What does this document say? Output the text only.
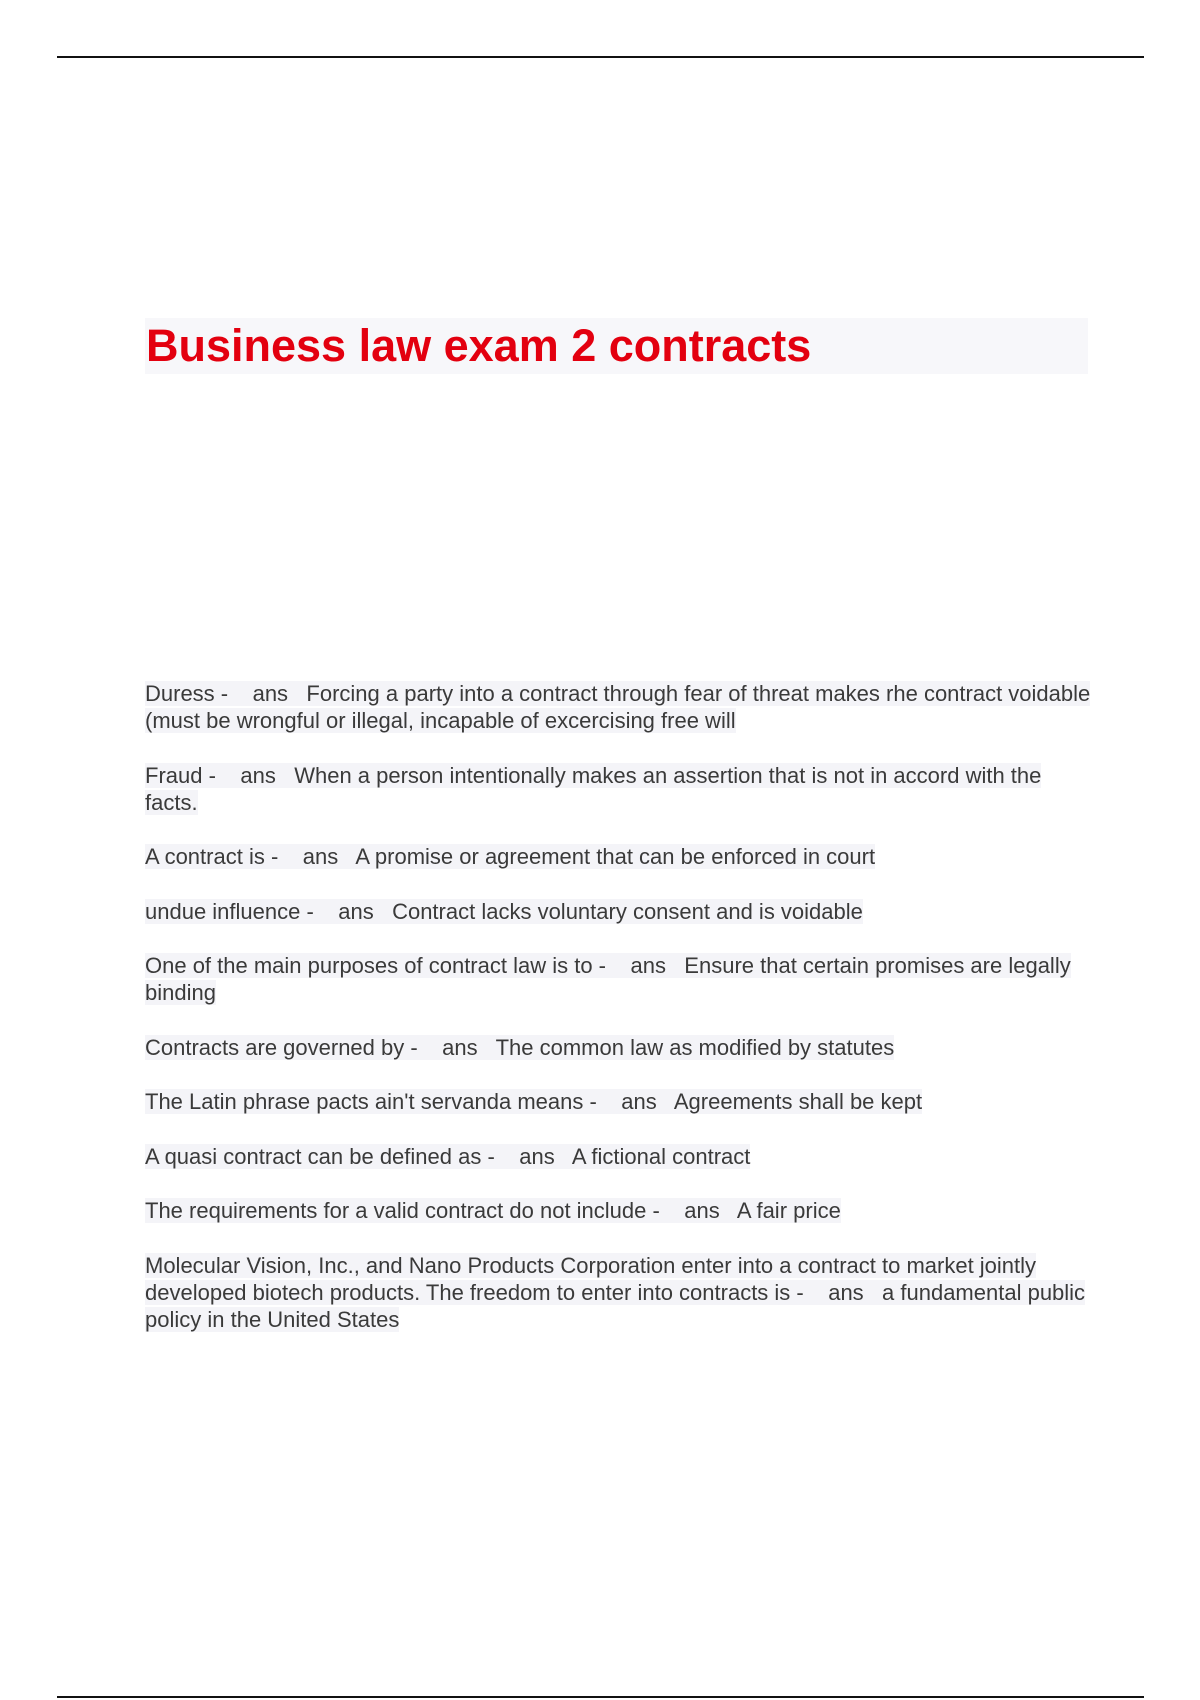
Business law exam 2 contracts
Duress - ans Forcing a party into a contract through fear of threat makes rhe contract voidable (must be wrongful or illegal, incapable of excercising free will
Fraud - ans When a person intentionally makes an assertion that is not in accord with the facts.
A contract is - ans A promise or agreement that can be enforced in court
undue influence - ans Contract lacks voluntary consent and is voidable
One of the main purposes of contract law is to - ans Ensure that certain promises are legally binding
Contracts are governed by - ans The common law as modified by statutes
The Latin phrase pacts ain't servanda means - ans Agreements shall be kept
A quasi contract can be defined as - ans A fictional contract
The requirements for a valid contract do not include - ans A fair price
Molecular Vision, Inc., and Nano Products Corporation enter into a contract to market jointly developed biotech products. The freedom to enter into contracts is - ans a fundamental public policy in the United States
